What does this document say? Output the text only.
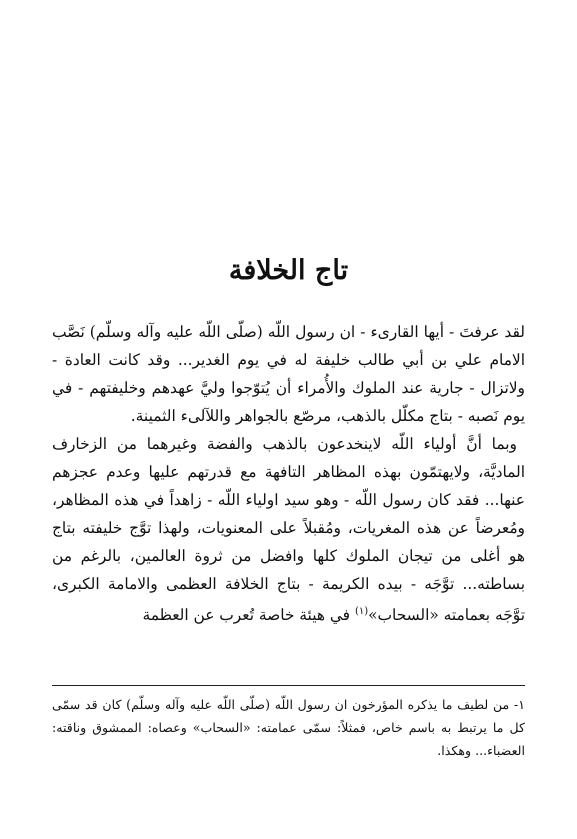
تاج الخلافة

لقد عرفتَ - أيها القارىء - ان رسول اللّه (صلّى اللّه عليه وآله وسلّم) نَصَّب الامام علي بن أبي طالب خليفة له في يوم الغدير... وقد كانت العادة - ولاتزال - جارية عند الملوك والأُمراء أن يُتوّجوا وليَّ عهدهم وخليفتهم - في يوم نَصبه - بتاج مكلّل بالذهب، مرصّع بالجواهر واللآلىء الثمينة.

وبما أنَّ أولياء اللّه لاينخدعون بالذهب والفضة وغيرهما من الزخارف الماديَّة، ولايهتمّون بهذه المظاهر التافهة مع قدرتهم عليها وعدم عجزهم عنها... فقد كان رسول اللّه - وهو سيد اولياء اللّه - زاهداً في هذه المظاهر، ومُعرضاً عن هذه المغريات، ومُقبلاً على المعنويات، ولهذا توَّج خليفته بتاج هو أغلى من تيجان الملوك كلها وافضل من ثروة العالمين، بالرغم من بساطته... توَّجَه - بيده الكريمة - بتاج الخلافة العظمى والامامة الكبرى، توَّجَه بعمامته «السحاب»$^{(١)}$ في هيئة خاصة تُعرب عن العظمة

١- من لطيف ما يذكره المؤرخون ان رسول اللّه (صلّى اللّه عليه وآله وسلّم) كان قد سمّى كل ما يرتبط به باسم خاص، فمثلاً: سمّى عمامته: «السحاب» وعصاه: الممشوق وناقته: العضباء... وهكذا.
